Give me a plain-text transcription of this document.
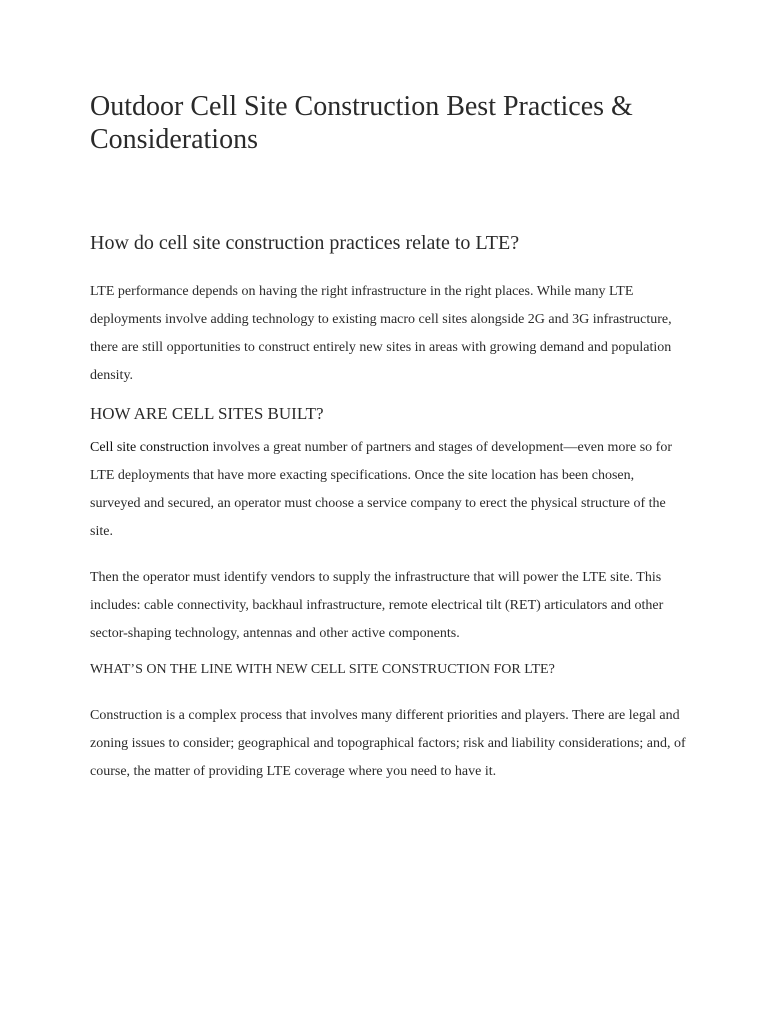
Outdoor Cell Site Construction Best Practices & Considerations
How do cell site construction practices relate to LTE?

LTE performance depends on having the right infrastructure in the right places. While many LTE deployments involve adding technology to existing macro cell sites alongside 2G and 3G infrastructure, there are still opportunities to construct entirely new sites in areas with growing demand and population density.

HOW ARE CELL SITES BUILT?

Cell site construction involves a great number of partners and stages of development—even more so for LTE deployments that have more exacting specifications. Once the site location has been chosen, surveyed and secured, an operator must choose a service company to erect the physical structure of the site.

Then the operator must identify vendors to supply the infrastructure that will power the LTE site. This includes: cable connectivity, backhaul infrastructure, remote electrical tilt (RET) articulators and other sector-shaping technology, antennas and other active components.

WHAT’S ON THE LINE WITH NEW CELL SITE CONSTRUCTION FOR LTE?

Construction is a complex process that involves many different priorities and players. There are legal and zoning issues to consider; geographical and topographical factors; risk and liability considerations; and, of course, the matter of providing LTE coverage where you need to have it.
